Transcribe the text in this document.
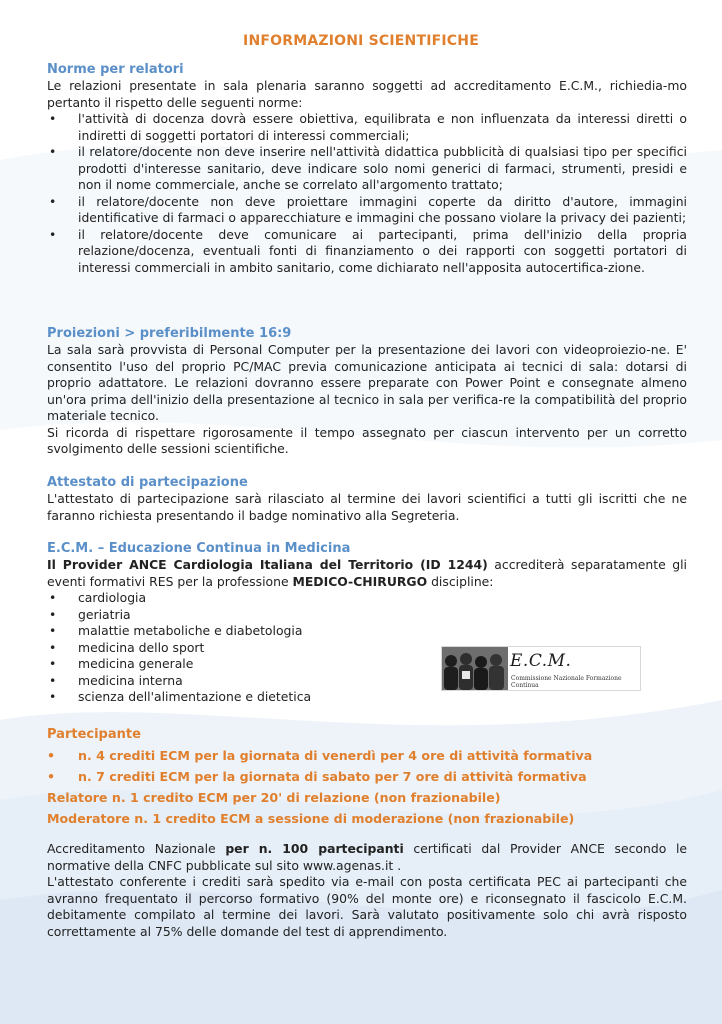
INFORMAZIONI SCIENTIFICHE
Norme per relatori

Le relazioni presentate in sala plenaria saranno soggetti ad accreditamento E.C.M., richiedia-mo pertanto il rispetto delle seguenti norme:

• l'attività di docenza dovrà essere obiettiva, equilibrata e non influenzata da interessi diretti o indiretti di soggetti portatori di interessi commerciali;
• il relatore/docente non deve inserire nell'attività didattica pubblicità di qualsiasi tipo per specifici prodotti d'interesse sanitario, deve indicare solo nomi generici di farmaci, strumenti, presidi e non il nome commerciale, anche se correlato all'argomento trattato;
• il relatore/docente non deve proiettare immagini coperte da diritto d'autore, immagini identificative di farmaci o apparecchiature e immagini che possano violare la privacy dei pazienti;
• il relatore/docente deve comunicare ai partecipanti, prima dell'inizio della propria relazione/docenza, eventuali fonti di finanziamento o dei rapporti con soggetti portatori di interessi commerciali in ambito sanitario, come dichiarato nell'apposita autocertifica-zione.
Proiezioni > preferibilmente 16:9

La sala sarà provvista di Personal Computer per la presentazione dei lavori con videoproiezio-ne. E' consentito l'uso del proprio PC/MAC previa comunicazione anticipata ai tecnici di sala: dotarsi di proprio adattatore. Le relazioni dovranno essere preparate con Power Point e consegnate almeno un'ora prima dell'inizio della presentazione al tecnico in sala per verifica-re la compatibilità del proprio materiale tecnico.

Si ricorda di rispettare rigorosamente il tempo assegnato per ciascun intervento per un corretto svolgimento delle sessioni scientifiche.

Attestato di partecipazione

L'attestato di partecipazione sarà rilasciato al termine dei lavori scientifici a tutti gli iscritti che ne faranno richiesta presentando il badge nominativo alla Segreteria.

E.C.M. – Educazione Continua in Medicina

Il Provider ANCE Cardiologia Italiana del Territorio (ID 1244) accrediterà separatamente gli eventi formativi RES per la professione MEDICO-CHIRURGO discipline:

• cardiologia
• geriatria
• malattie metaboliche e diabetologia
• medicina dello sport
• medicina generale
• medicina interna
• scienza dell'alimentazione e dietetica
E.C.M.
Commissione Nazionale Formazione Continua
Partecipante
• n. 4 crediti ECM per la giornata di venerdì per 4 ore di attività formativa
• n. 7 crediti ECM per la giornata di sabato per 7 ore di attività formativa
Relatore n. 1 credito ECM per 20' di relazione (non frazionabile)
Moderatore n. 1 credito ECM a sessione di moderazione (non frazionabile)

Accreditamento Nazionale per n. 100 partecipanti certificati dal Provider ANCE secondo le normative della CNFC pubblicate sul sito www.agenas.it .

L'attestato conferente i crediti sarà spedito via e-mail con posta certificata PEC ai partecipanti che avranno frequentato il percorso formativo (90% del monte ore) e riconsegnato il fascicolo E.C.M. debitamente compilato al termine dei lavori. Sarà valutato positivamente solo chi avrà risposto correttamente al 75% delle domande del test di apprendimento.
